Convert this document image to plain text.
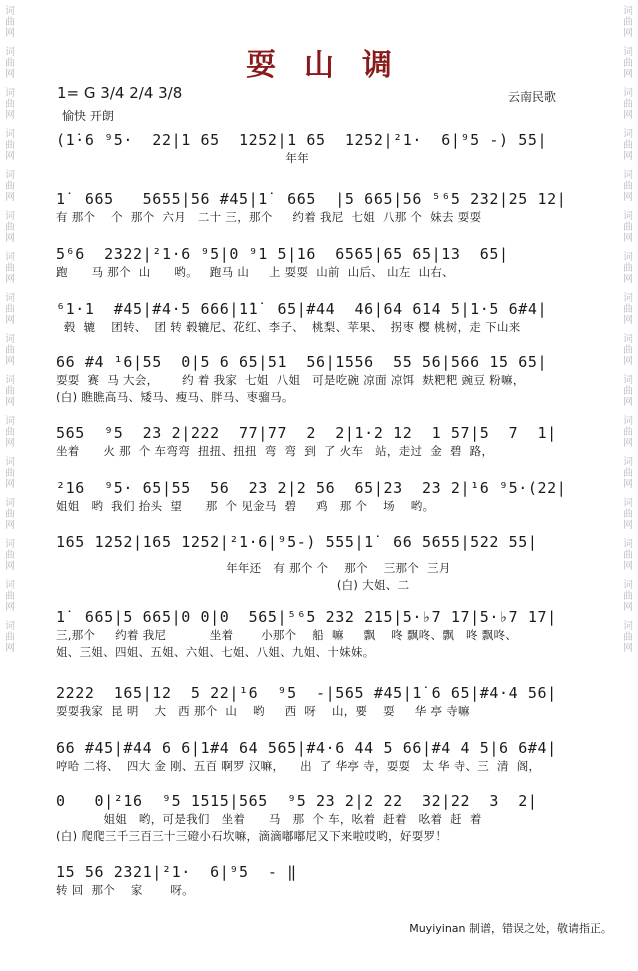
词
曲
网
词
曲
网
词
曲
网
词
曲
网
词
曲
网
词
曲
网
词
曲
网
词
曲
网
词
曲
网
词
曲
网
词
曲
网
词
曲
网
词
曲
网
词
曲
网
词
曲
网
词
曲
网
词
曲
网
词
曲
网
词
曲
网
词
曲
网
词
曲
网
词
曲
网
词
曲
网
词
曲
网
词
曲
网
词
曲
网
词
曲
网
词
曲
网
词
曲
网
词
曲
网
词
曲
网
词
曲
网
耍山调
1= G 3/4 2/4 3/8
愉快 开朗
云南民歌
(1̇·6 ⁹5·  22|1 65  1252|1 65  1252|²1·  6|⁹5 -) 55|
年年
1̇  665   5655|56 #45|1̇  665  |5 665|56 ⁵⁶5 232|25 12|
有 那个    个  那个  六月   二十 三，那个     约着 我尼  七姐  八那 个  妹去 耍耍
5⁶6  2322|²1·6 ⁹5|0 ⁹1 5|16  6565|65 65|13  65|
跑      马 那个  山      哟。   跑马 山     上 耍耍  山前  山后、 山左  山右、
⁶1·1  #45|#4·5 666|1̇1̇  65|#44  46|64 614 5|1·5 6#4|
毂  辘    团转、  团 转 毂辘尼、花红、李子、  桃梨、苹果、  拐枣 樱 桃树，走 下山来
66 #4 ¹6|55  0|5 6 65|51  56|1556  55 56|566 15 65|
耍耍  赛  马 大会，      约 着 我家  七姐  八姐   可是吃碗 凉面 凉饵  麸粑粑 豌豆 粉嘛，
(白) 瞧瞧高马、矮马、瘦马、胖马、枣骝马。
565  ⁹5  23 2|222  77|77  2  2|1·2 12  1 57|5  7  1|
坐着      火 那  个 车弯弯  扭扭、扭扭  弯  弯  到  了 火车   站，走过  金  碧  路，
²16  ⁹5· 65|55  56  23 2|2 56  65|23  23 2|¹6 ⁹5·(22|
姐姐   哟  我们 抬头  望      那  个 见金马  碧     鸡   那 个    场    哟。
165 1252|165 1252|²1·6|⁹5-) 555|1̇  66 5655|522 55|
年年还   有 那个 个    那个    三那个  三月
(白) 大姐、二
1̇  665|5 665|0 0|0  565|⁵⁶5 232 215|5·♭7 17|5·♭7 17|
三,那个     约着 我尼           坐着       小那个    船  嘛     飘    咚 飘咚、飘   咚 飘咚、
姐、三姐、四姐、五姐、六姐、七姐、八姐、九姐、十妹妹。
2222  165|12  5 22|¹6  ⁹5  -|565 #45|1̇ 6 65|#4·4 56|
耍耍我家  昆 明    大   西 那个  山    哟     西  呀    山，要    耍     华 亭 寺嘛
66 #45|#44 6 6|1#4 64 565|#4·6 44 5 66|#4 4 5|6 6#4|
哼哈 二将、  四大 金 刚、五百 啊罗 汉嘛，    出  了 华亭 寺，耍耍   太 华 寺、三  清  阁，
0   0|²16  ⁹5 1515|565  ⁹5 23 2|2 22  32|22  3  2|
姐姐   哟，可是我们   坐着      马   那  个 车，吆着  赶着   吆着  赶  着
(白) 爬爬三千三百三十三磴小石坎嘛，滴滴嘟嘟尼又下来啦哎哟，好耍罗！
15 56 2321|²1·  6|⁹5  - ‖
转 回  那个    家       呀。
Muyiyinan 制谱，错误之处，敬请指正。
